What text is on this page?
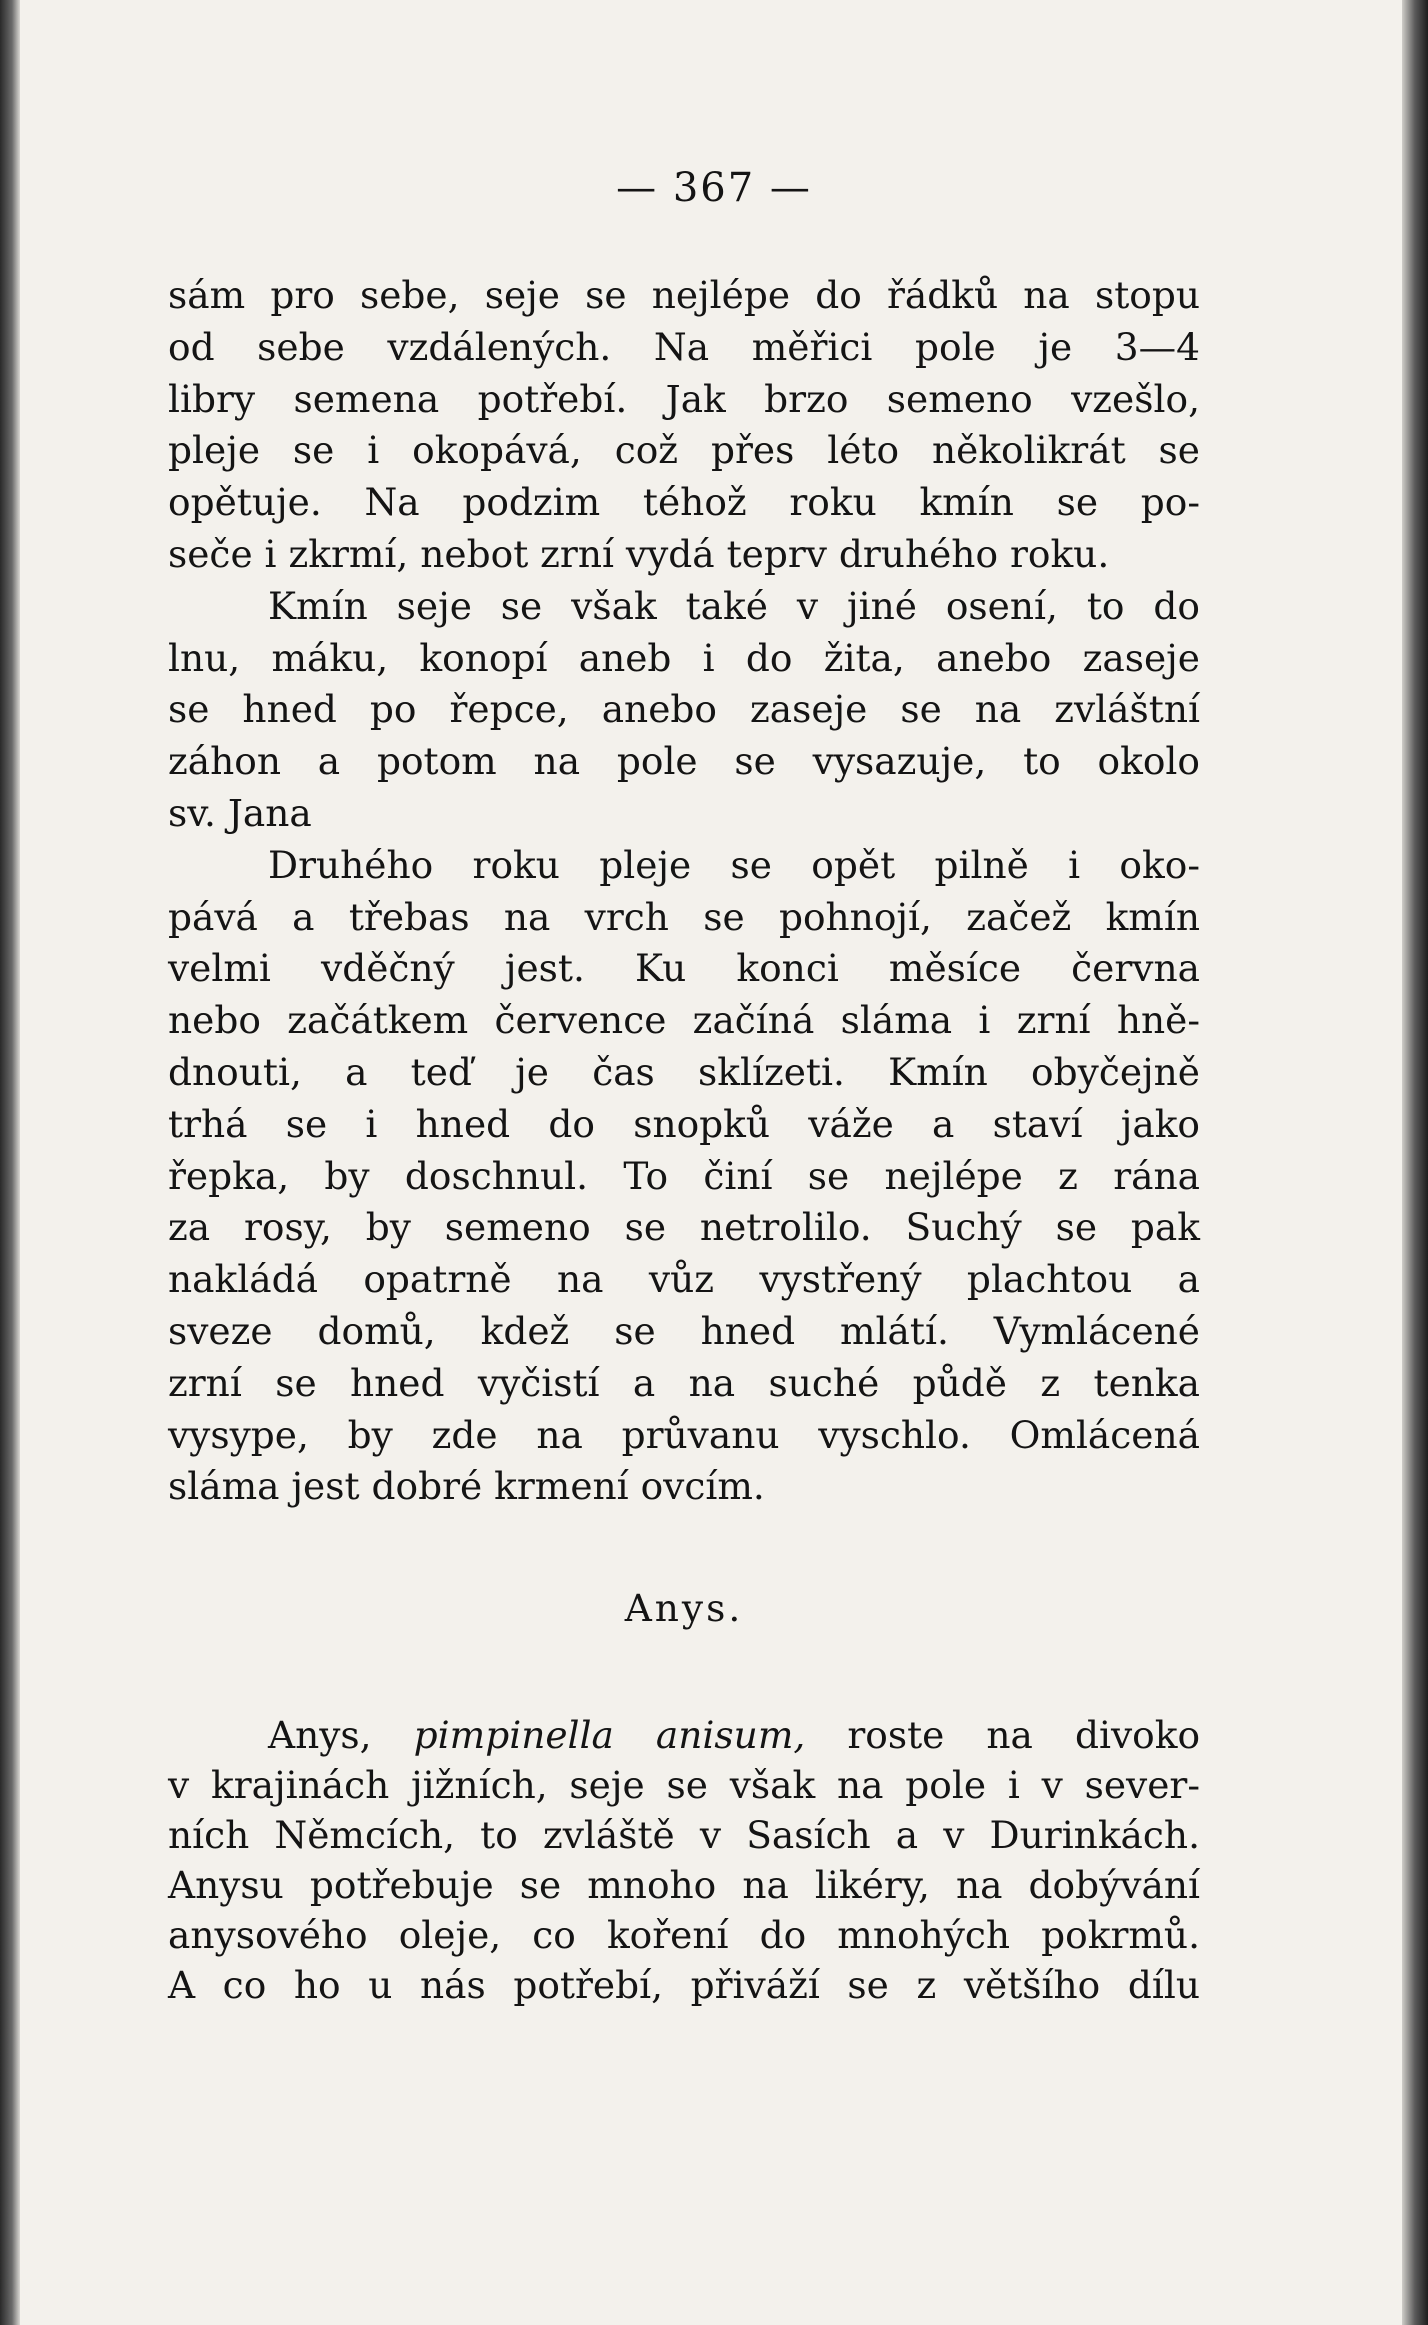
— 367 —
sám pro sebe, seje se nejlépe do řádků na stopu
od sebe vzdálených. Na měřici pole je 3—4
libry semena potřebí. Jak brzo semeno vzešlo,
pleje se i okopává, což přes léto několikrát se
opětuje. Na podzim téhož roku kmín se po-
seče i zkrmí, nebot zrní vydá teprv druhého roku.
Kmín seje se však také v jiné osení, to do
lnu, máku, konopí aneb i do žita, anebo zaseje
se hned po řepce, anebo zaseje se na zvláštní
záhon a potom na pole se vysazuje, to okolo
sv. Jana
Druhého roku pleje se opět pilně i oko-
pává a třebas na vrch se pohnojí, začež kmín
velmi vděčný jest. Ku konci měsíce června
nebo začátkem července začíná sláma i zrní hně-
dnouti, a teď je čas sklízeti. Kmín obyčejně
trhá se i hned do snopků váže a staví jako
řepka, by doschnul. To činí se nejlépe z rána
za rosy, by semeno se netrolilo. Suchý se pak
nakládá opatrně na vůz vystřený plachtou a
sveze domů, kdež se hned mlátí. Vymlácené
zrní se hned vyčistí a na suché půdě z tenka
vysype, by zde na průvanu vyschlo. Omlácená
sláma jest dobré krmení ovcím.
Anys.
Anys, pimpinella anisum, roste na divoko
v krajinách jižních, seje se však na pole i v sever-
ních Němcích, to zvláště v Sasích a v Durinkách.
Anysu potřebuje se mnoho na likéry, na dobývání
anysového oleje, co koření do mnohých pokrmů.
A co ho u nás potřebí, přiváží se z většího dílu
